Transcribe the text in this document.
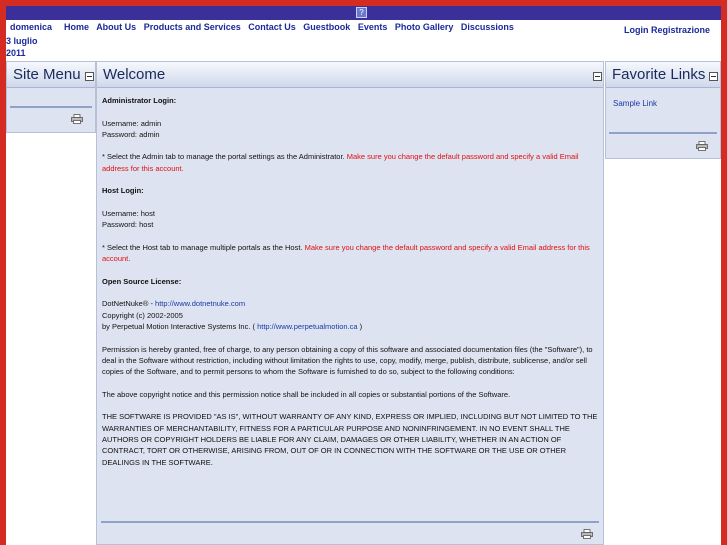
?
domenica Home About Us Products and Services Contact Us Guestbook Events Photo Gallery Discussions
3 luglio
2011
Login Registrazione
Site Menu Welcome

Administrator Login:

Username: admin

Password: admin

* Select the Admin tab to manage the portal settings as the Administrator. Make sure you change the default password and specify a valid Email address for this account.

Host Login:

Username: host

Password: host

* Select the Host tab to manage multiple portals as the Host. Make sure you change the default password and specify a valid Email address for this account.

Open Source License:

DotNetNuke® - http://www.dotnetnuke.com

Copyright (c) 2002-2005

by Perpetual Motion Interactive Systems Inc. ( http://www.perpetualmotion.ca )

Permission is hereby granted, free of charge, to any person obtaining a copy of this software and associated documentation files (the "Software"), to deal in the Software without restriction, including without limitation the rights to use, copy, modify, merge, publish, distribute, sublicense, and/or sell copies of the Software, and to permit persons to whom the Software is furnished to do so, subject to the following conditions:

The above copyright notice and this permission notice shall be included in all copies or substantial portions of the Software.

THE SOFTWARE IS PROVIDED "AS IS", WITHOUT WARRANTY OF ANY KIND, EXPRESS OR IMPLIED, INCLUDING BUT NOT LIMITED TO THE WARRANTIES OF MERCHANTABILITY, FITNESS FOR A PARTICULAR PURPOSE AND NONINFRINGEMENT. IN NO EVENT SHALL THE AUTHORS OR COPYRIGHT HOLDERS BE LIABLE FOR ANY CLAIM, DAMAGES OR OTHER LIABILITY, WHETHER IN AN ACTION OF CONTRACT, TORT OR OTHERWISE, ARISING FROM, OUT OF OR IN CONNECTION WITH THE SOFTWARE OR THE USE OR OTHER DEALINGS IN THE SOFTWARE.

Favorite Links
Sample Link
